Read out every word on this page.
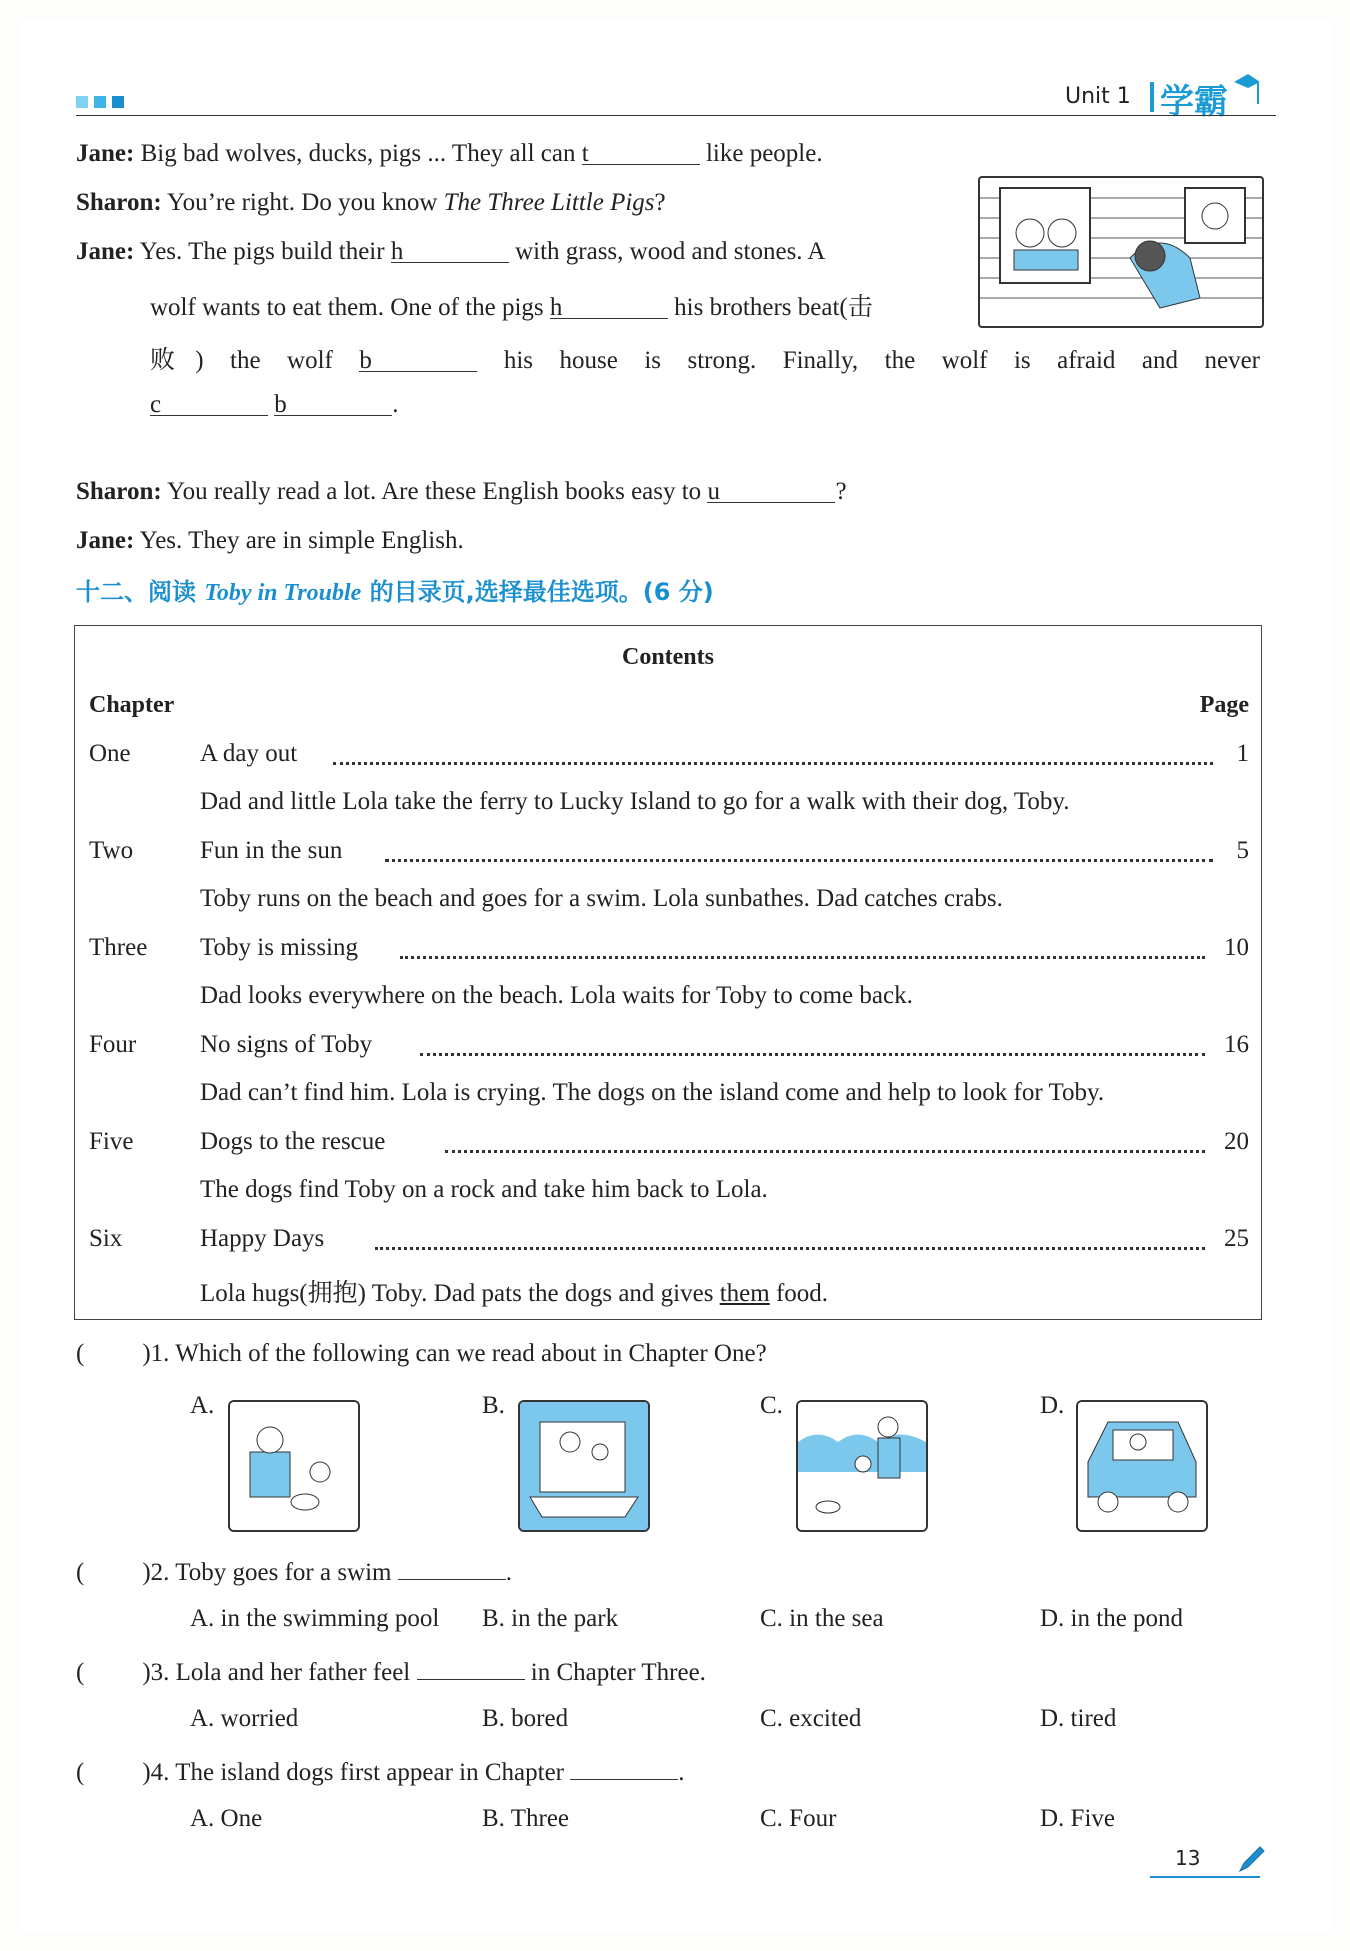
Unit 1 学霸
Jane: Big bad wolves, ducks, pigs ... They all can t	like people.
Sharon: You’re right. Do you know The Three Little Pigs?
Jane: Yes. The pigs build their h	with grass, wood and stones. A
wolf wants to eat them. One of the pigs h	his brothers beat(击
败) the wolf b	his house is strong. Finally, the wolf is afraid and never
c	b	.
Sharon: You really read a lot. Are these English books easy to u	?
Jane: Yes. They are in simple English.
十二、阅读 Toby in Trouble 的目录页,选择最佳选项。(6 分)
Contents
Chapter	Page
One	A day out	1
Dad and little Lola take the ferry to Lucky Island to go for a walk with their dog, Toby.
Two	Fun in the sun	5
Toby runs on the beach and goes for a swim. Lola sunbathes. Dad catches crabs.
Three Toby is missing	10
Dad looks everywhere on the beach. Lola waits for Toby to come back.
Four	No signs of Toby	16
Dad can’t find him. Lola is crying. The dogs on the island come and help to look for Toby.
Five	Dogs to the rescue	20
The dogs find Toby on a rock and take him back to Lola.
Six	Happy Days	25
Lola hugs(拥抱) Toby. Dad pats the dogs and gives them food.
( )1. Which of the following can we read about in Chapter One?
A.	B.	C.	D.
( )2. Toby goes for a swim	.
A. in the swimming pool B. in the park	C. in the sea	D. in the pond
( )3. Lola and her father feel	in Chapter Three.
A. worried	B. bored	C. excited	D. tired
( )4. The island dogs first appear in Chapter	.
A. One	B. Three	C. Four	D. Five
13
